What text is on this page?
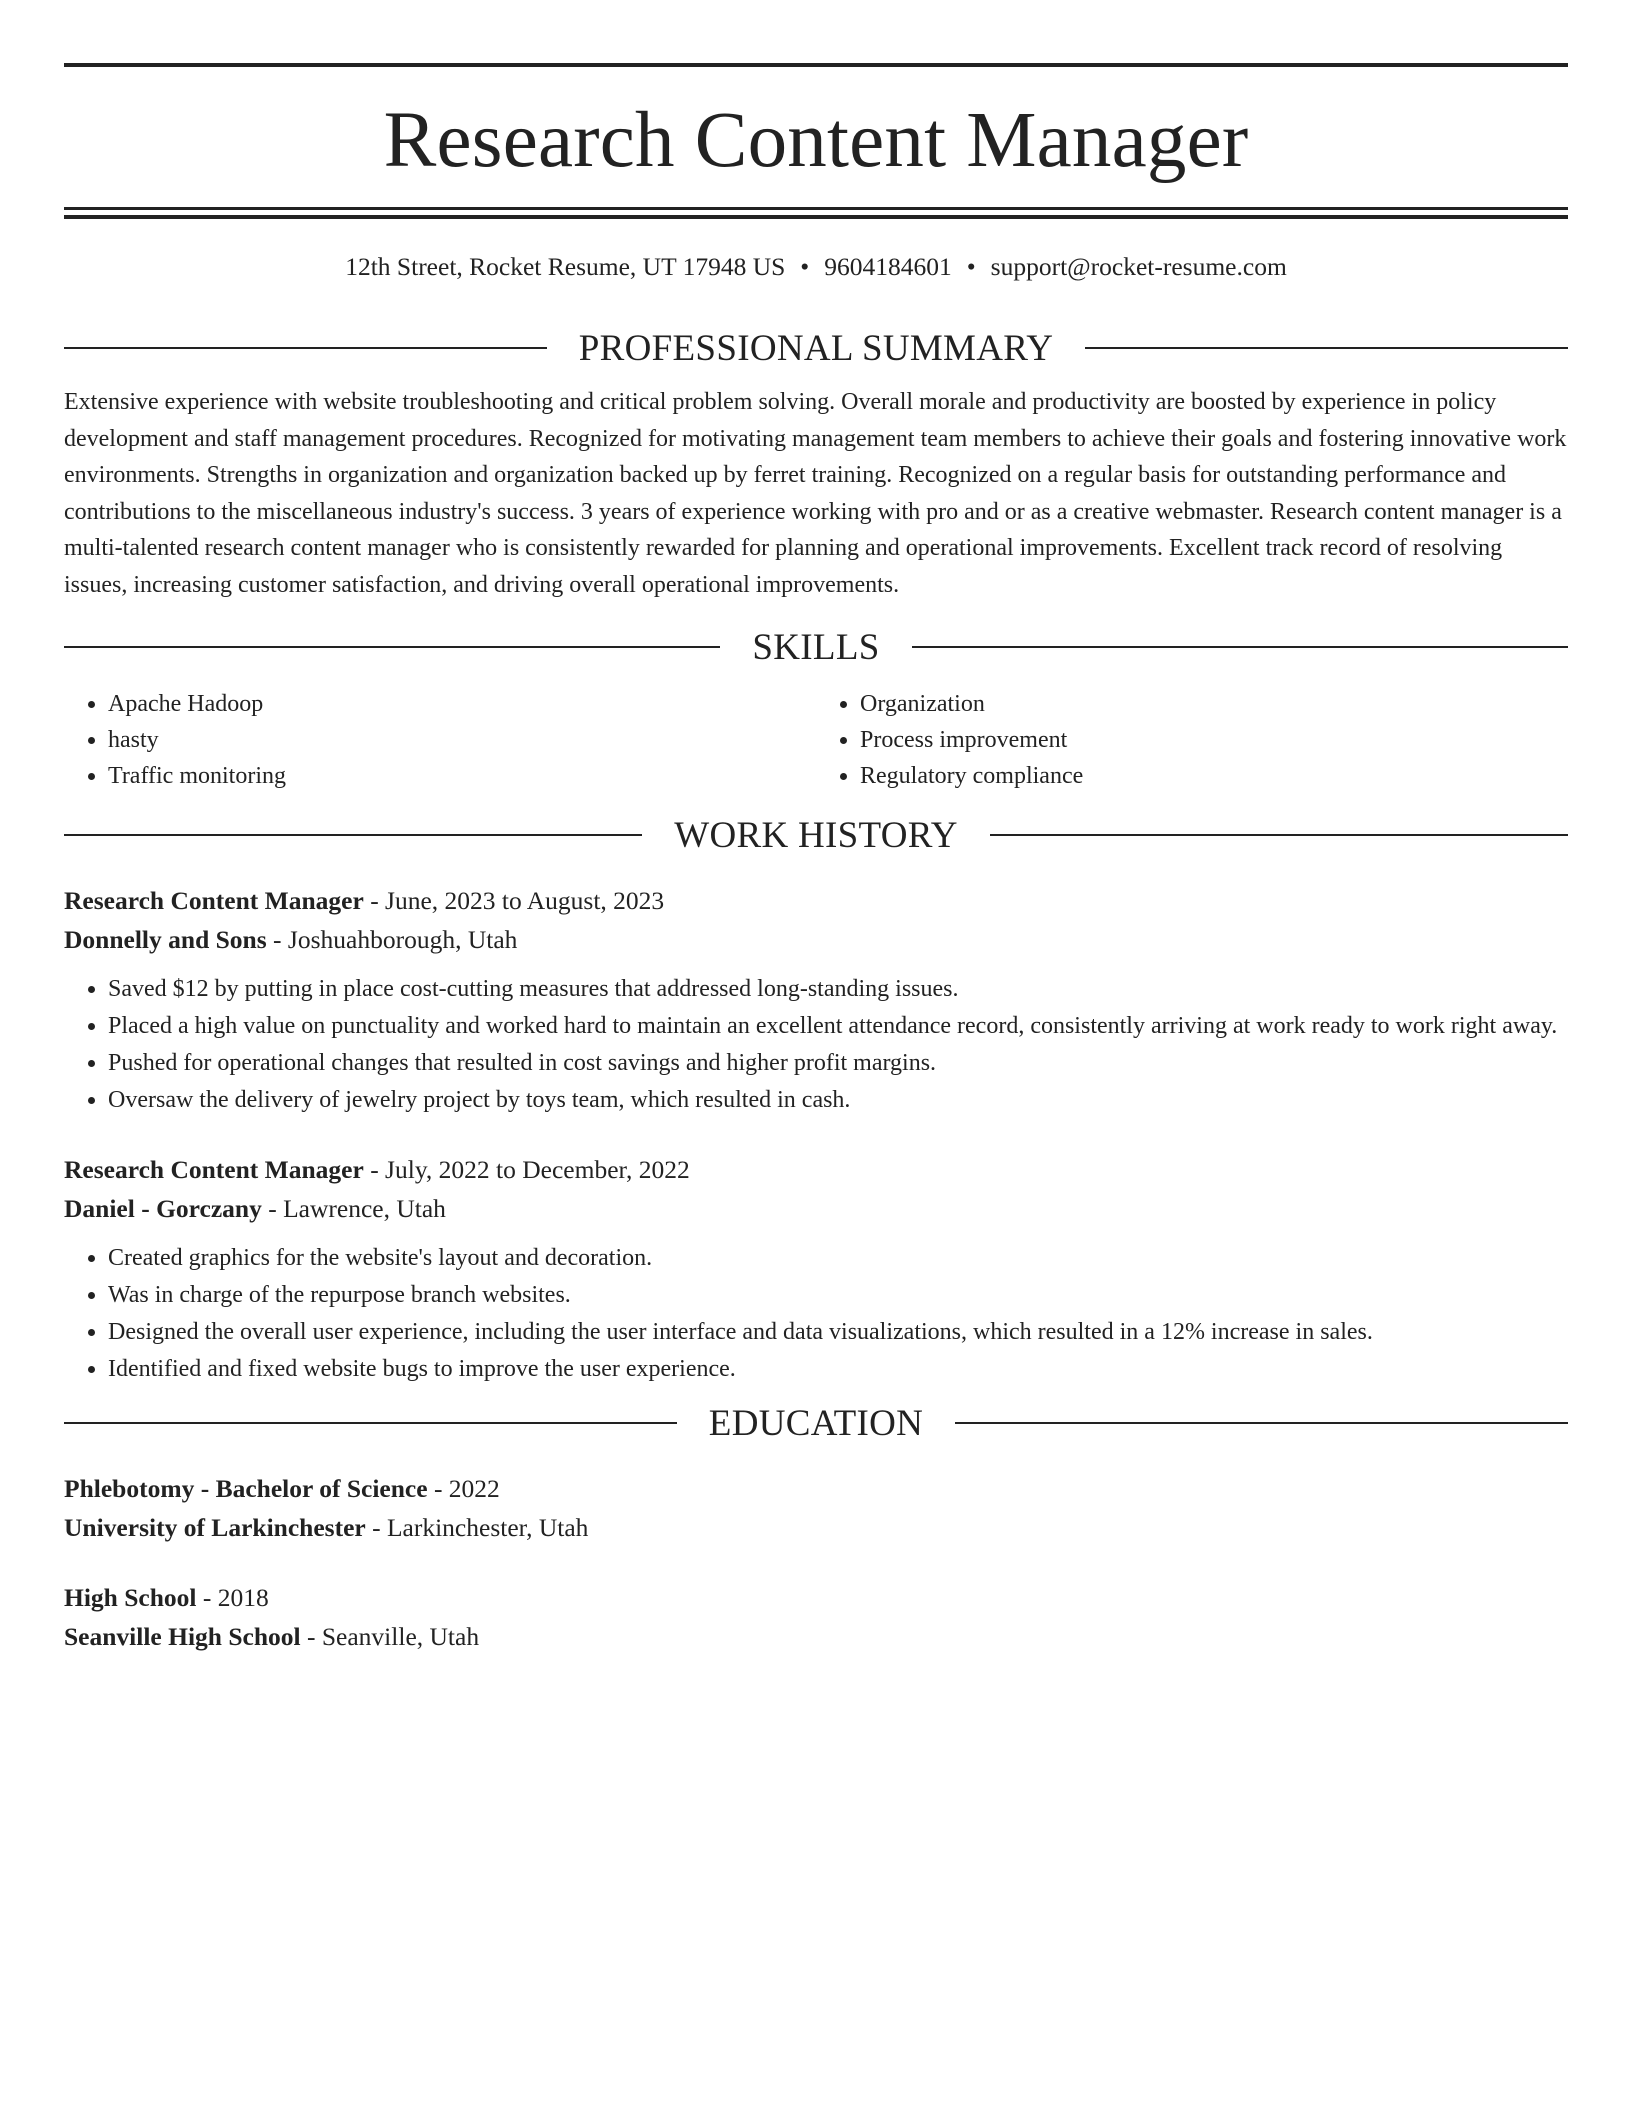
Research Content Manager
12th Street, Rocket Resume, UT 17948 US • 9604184601 • support@rocket-resume.com
PROFESSIONAL SUMMARY

Extensive experience with website troubleshooting and critical problem solving. Overall morale and productivity are boosted by experience in policy development and staff management procedures. Recognized for motivating management team members to achieve their goals and fostering innovative work environments. Strengths in organization and organization backed up by ferret training. Recognized on a regular basis for outstanding performance and contributions to the miscellaneous industry's success. 3 years of experience working with pro and or as a creative webmaster. Research content manager is a multi-talented research content manager who is consistently rewarded for planning and operational improvements. Excellent track record of resolving issues, increasing customer satisfaction, and driving overall operational improvements.

SKILLS
• Apache Hadoop
• hasty
• Traffic monitoring
• Organization
• Process improvement
• Regulatory compliance
WORK HISTORY
Research Content Manager - June, 2023 to August, 2023
Donnelly and Sons - Joshuahborough, Utah
• Saved $12 by putting in place cost-cutting measures that addressed long-standing issues.
• Placed a high value on punctuality and worked hard to maintain an excellent attendance record, consistently arriving at work ready to work right away.
• Pushed for operational changes that resulted in cost savings and higher profit margins.
• Oversaw the delivery of jewelry project by toys team, which resulted in cash.
Research Content Manager - July, 2022 to December, 2022
Daniel - Gorczany - Lawrence, Utah
• Created graphics for the website's layout and decoration.
• Was in charge of the repurpose branch websites.
• Designed the overall user experience, including the user interface and data visualizations, which resulted in a 12% increase in sales.
• Identified and fixed website bugs to improve the user experience.
EDUCATION
Phlebotomy - Bachelor of Science - 2022
University of Larkinchester - Larkinchester, Utah
High School - 2018
Seanville High School - Seanville, Utah
